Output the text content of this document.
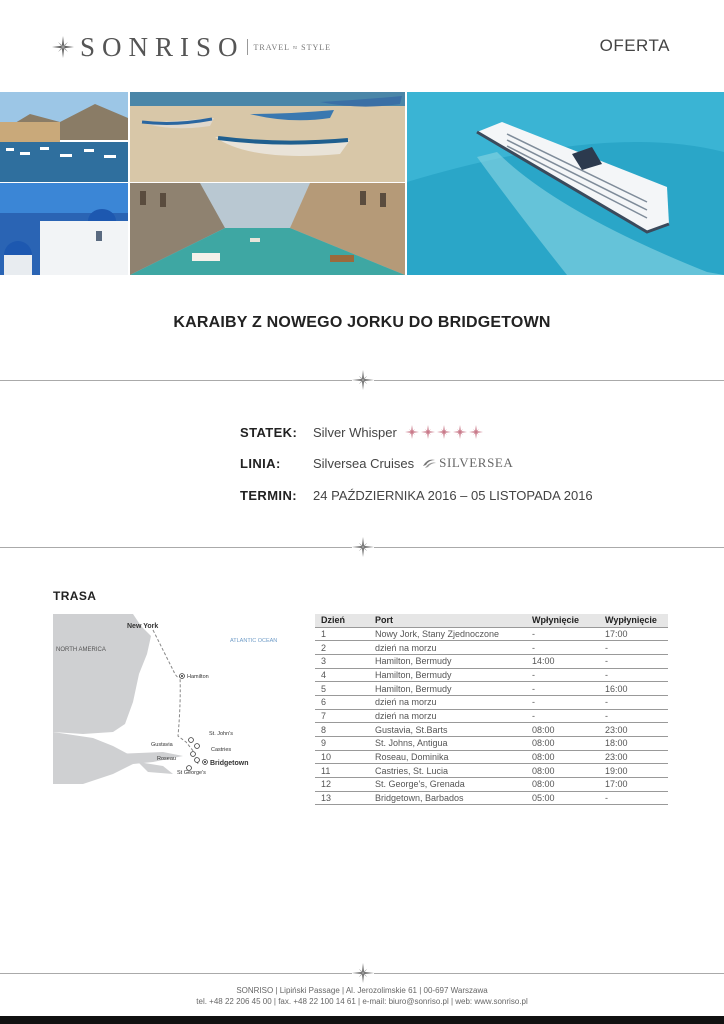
SONRISO TRAVEL ≈ STYLE	OFERTA
KARAIBY Z NOWEGO JORKU DO BRIDGETOWN
STATEK:	Silver Whisper
LINIA:	Silversea Cruises SILVERSEA
TERMIN:	24 PAŹDZIERNIKA 2016 – 05 LISTOPADA 2016
TRASA
New York
NORTH AMERICA
ATLANTIC OCEAN
Hamilton
St. John's
Gustavia
Castries
Roseau
Bridgetown
St George's
Dzień	Port	Wpłynięcie	Wypłynięcie
1	Nowy Jork, Stany Zjednoczone	-	17:00
2	dzień na morzu	-	-
3	Hamilton, Bermudy	14:00	-
4	Hamilton, Bermudy	-	-
5	Hamilton, Bermudy	-	16:00
6	dzień na morzu	-	-
7	dzień na morzu	-	-
8	Gustavia, St.Barts	08:00	23:00
9	St. Johns, Antigua	08:00	18:00
10	Roseau, Dominika	08:00	23:00
11	Castries, St. Lucia	08:00	19:00
12	St. George's, Grenada	08:00	17:00
13	Bridgetown, Barbados	05:00	-
SONRISO | Lipiński Passage | Al. Jerozolimskie 61 | 00-697 Warszawa
tel. +48 22 206 45 00 | fax. +48 22 100 14 61 | e-mail: biuro@sonriso.pl | web: www.sonriso.pl
